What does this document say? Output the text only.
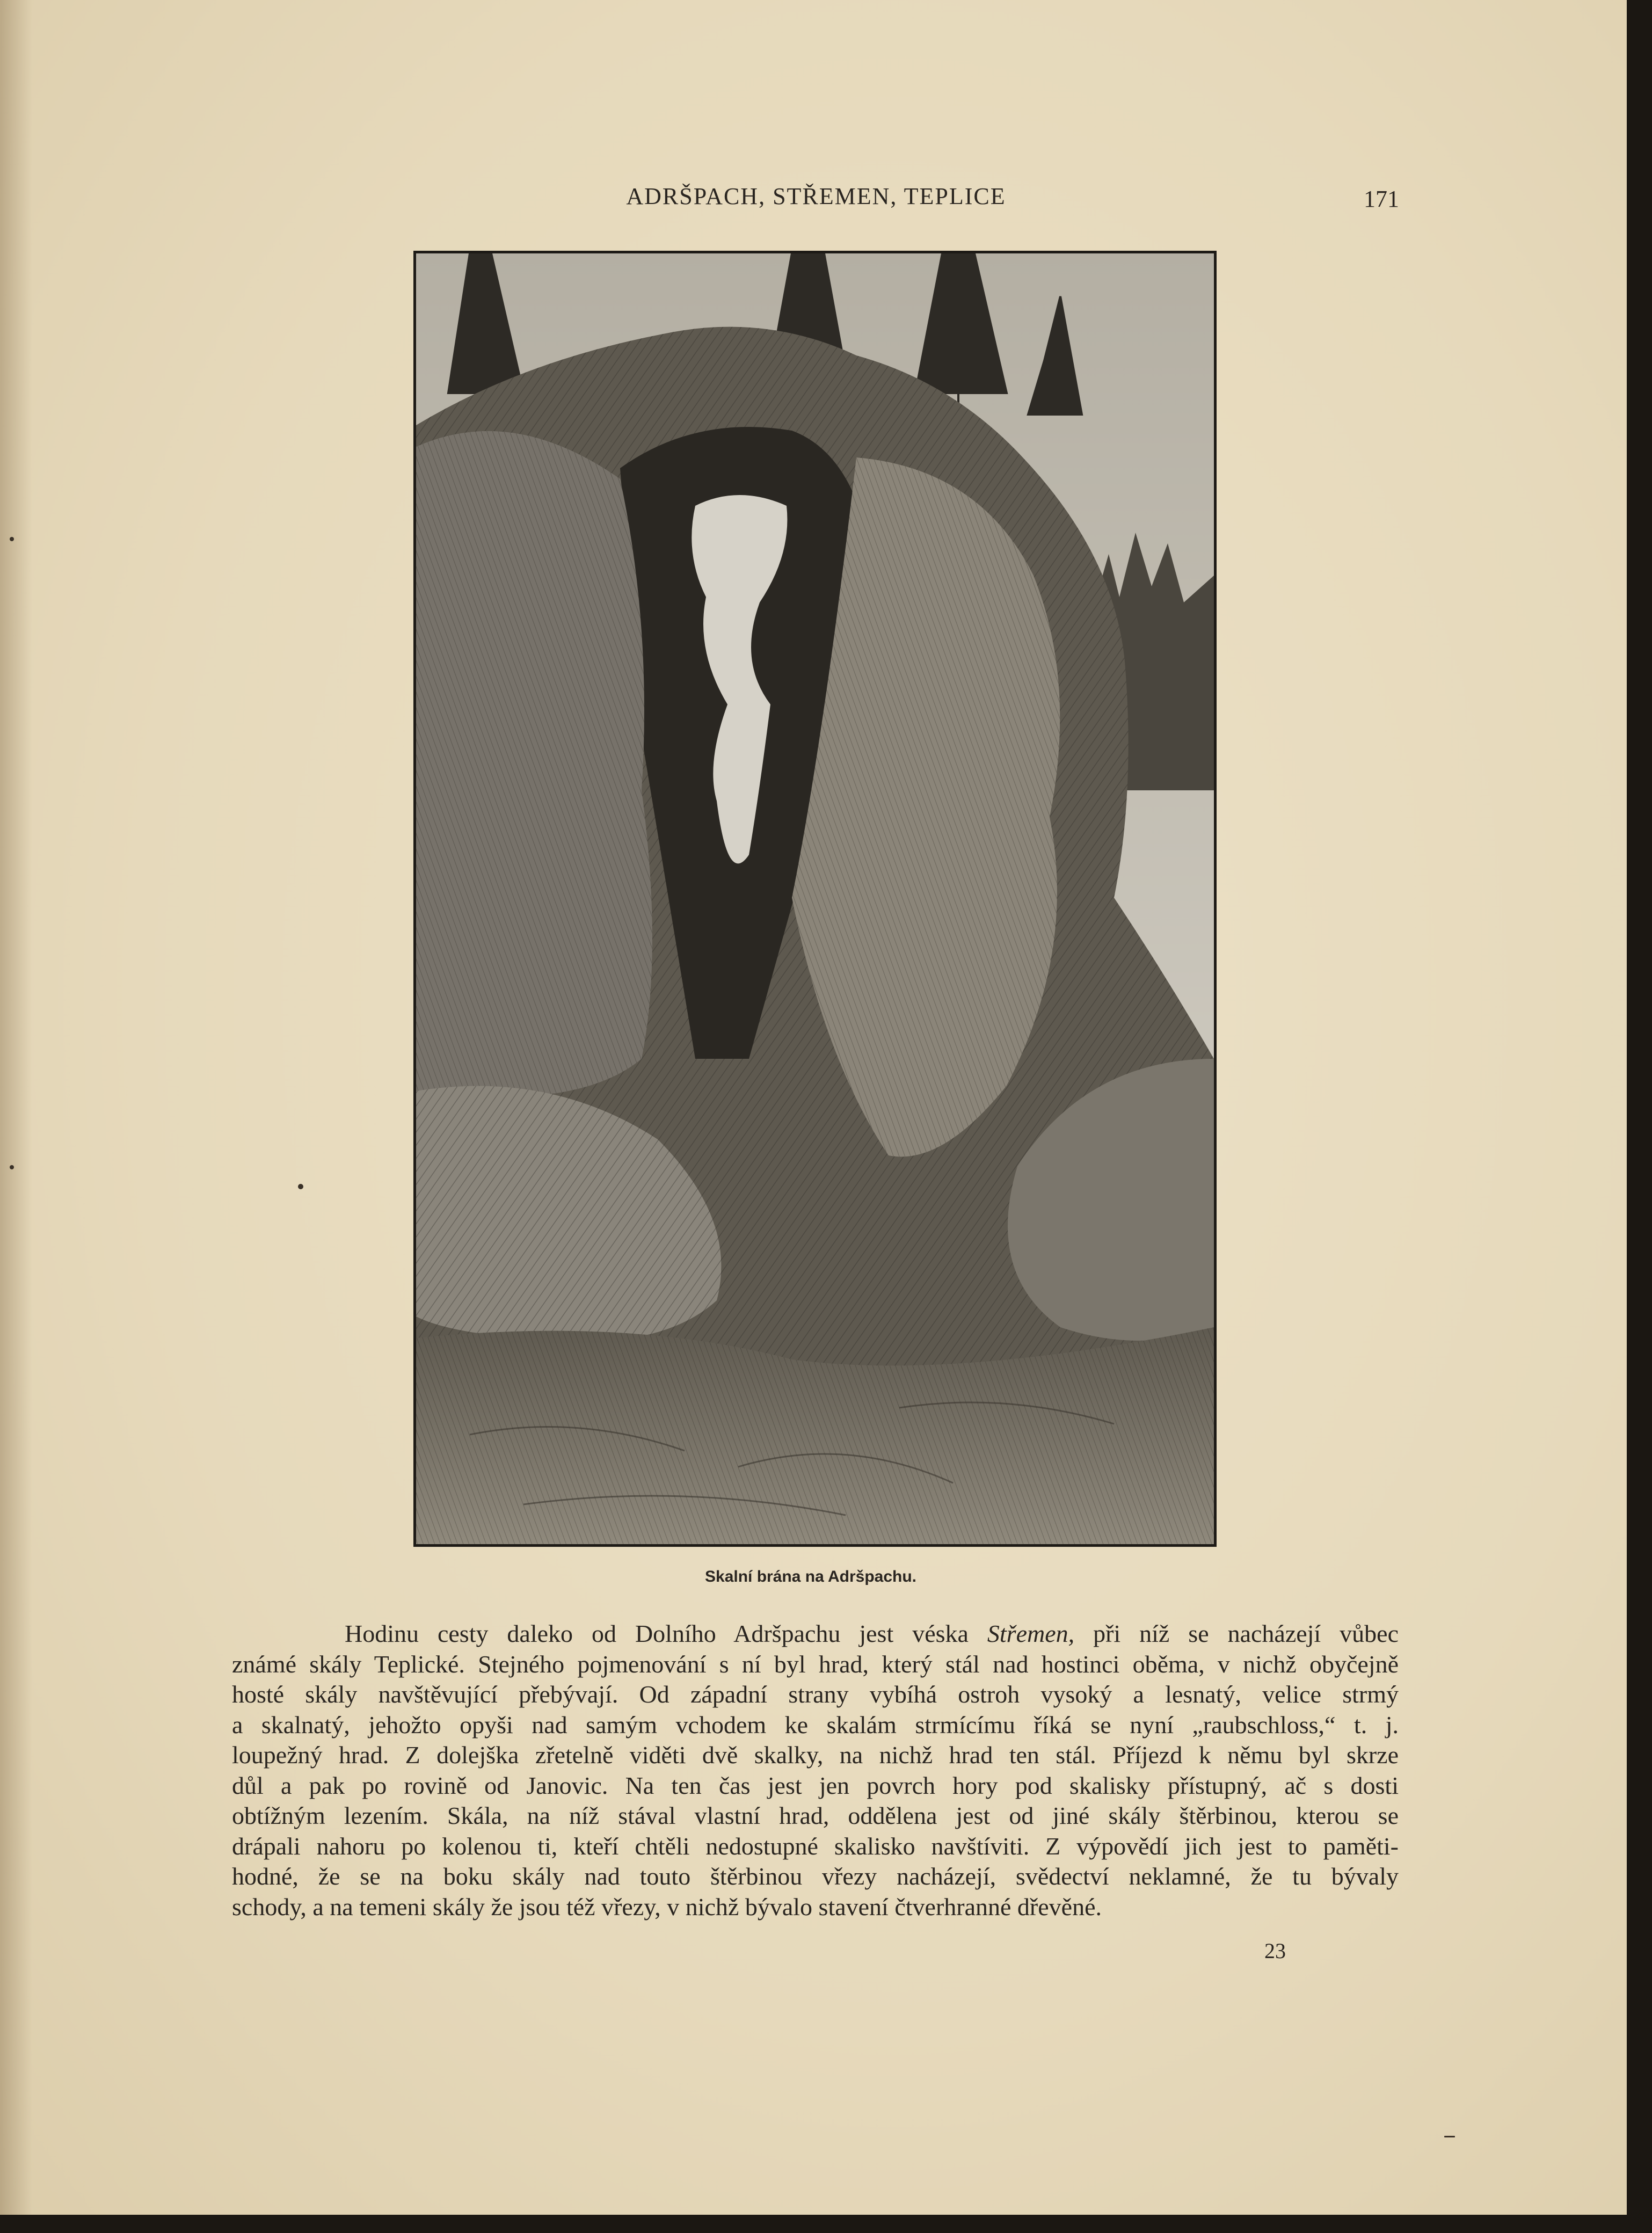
ADRŠPACH, STŘEMEN, TEPLICE	171
Skalní brána na Adršpachu.
Hodinu cesty daleko od Dolního Adršpachu jest véska Střemen, při níž se nacházejí vůbec
známé skály Teplické. Stejného pojmenování s ní byl hrad, který stál nad hostinci oběma, v nichž obyčejně
hosté skály navštěvující přebývají. Od západní strany vybíhá ostroh vysoký a lesnatý, velice strmý
a skalnatý, jehožto opyši nad samým vchodem ke skalám strmícímu říká se nyní „raubschloss,“ t. j.
loupežný hrad. Z dolejška zřetelně viděti dvě skalky, na nichž hrad ten stál. Příjezd k němu byl skrze
důl a pak po rovině od Janovic. Na ten čas jest jen povrch hory pod skalisky přístupný, ač s dosti
obtížným lezením. Skála, na níž stával vlastní hrad, oddělena jest od jiné skály štěrbinou, kterou se
drápali nahoru po kolenou ti, kteří chtěli nedostupné skalisko navštíviti. Z výpovědí jich jest to paměti-
hodné, že se na boku skály nad touto štěrbinou vřezy nacházejí, svědectví neklamné, že tu bývaly
schody, a na temeni skály že jsou též vřezy, v nichž bývalo stavení čtverhranné dřevěné.
23
